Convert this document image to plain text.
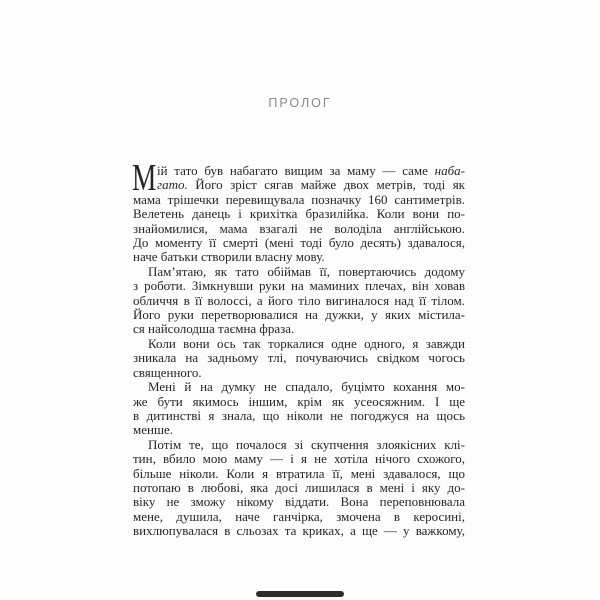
ПРОЛОГ
М ій тато був набагато вищим за маму — саме наба-
гато. Його зріст сягав майже двох метрів, тоді як
мама трішечки перевищувала позначку 160 сантиметрів.
Велетень данець і крихітка бразилійка. Коли вони по-
знайомилися, мама взагалі не володіла англійською.
До моменту її смерті (мені тоді було десять) здавалося,
наче батьки створили власну мову.
Пам’ятаю, як тато обіймав її, повертаючись додому
з роботи. Зімкнувши руки на маминих плечах, він ховав
обличчя в її волоссі, а його тіло вигиналося над її тілом.
Його руки перетворювалися на дужки, у яких містила-
ся найсолодша таємна фраза.
Коли вони ось так торкалися одне одного, я завжди
зникала на задньому тлі, почуваючись свідком чогось
священного.
Мені й на думку не спадало, буцімто кохання мо-
же бути якимось іншим, крім як усеосяжним. І ще
в дитинстві я знала, що ніколи не погоджуся на щось
менше.
Потім те, що почалося зі скупчення злоякісних клі-
тин, вбило мою маму — і я не хотіла нічого схожого,
більше ніколи. Коли я втратила її, мені здавалося, що
потопаю в любові, яка досі лишилася в мені і яку до-
віку не зможу нікому віддати. Вона переповнювала
мене, душила, наче ганчірка, змочена в керосині,
вихлюпувалася в сльозах та криках, а ще — у важкому,
